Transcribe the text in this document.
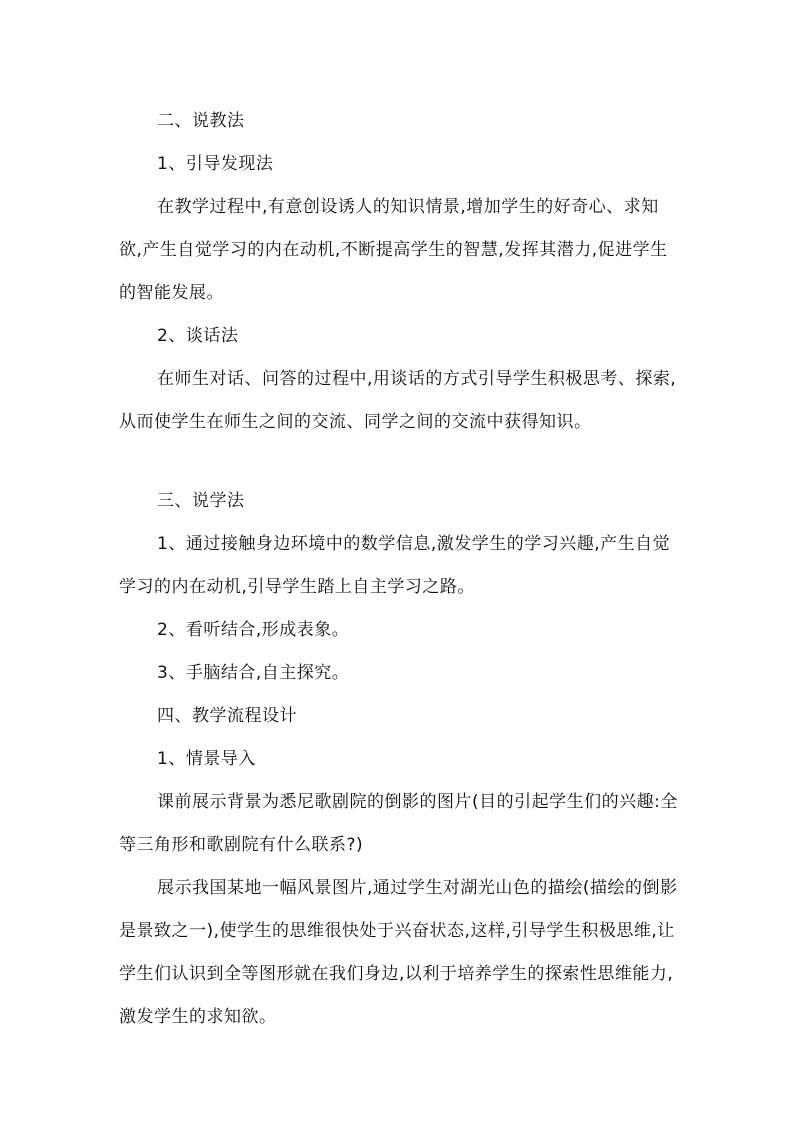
二、说教法

1、引导发现法

在教学过程中,有意创设诱人的知识情景,增加学生的好奇心、求知欲,产生自觉学习的内在动机,不断提高学生的智慧,发挥其潜力,促进学生的智能发展。

2、谈话法

在师生对话、问答的过程中,用谈话的方式引导学生积极思考、探索,从而使学生在师生之间的交流、同学之间的交流中获得知识。

三、说学法

1、通过接触身边环境中的数学信息,激发学生的学习兴趣,产生自觉学习的内在动机,引导学生踏上自主学习之路。

2、看听结合,形成表象。

3、手脑结合,自主探究。

四、教学流程设计

1、情景导入

课前展示背景为悉尼歌剧院的倒影的图片(目的引起学生们的兴趣:全等三角形和歌剧院有什么联系?)

展示我国某地一幅风景图片,通过学生对湖光山色的描绘(描绘的倒影是景致之一),使学生的思维很快处于兴奋状态,这样,引导学生积极思维,让学生们认识到全等图形就在我们身边,以利于培养学生的探索性思维能力,激发学生的求知欲。
